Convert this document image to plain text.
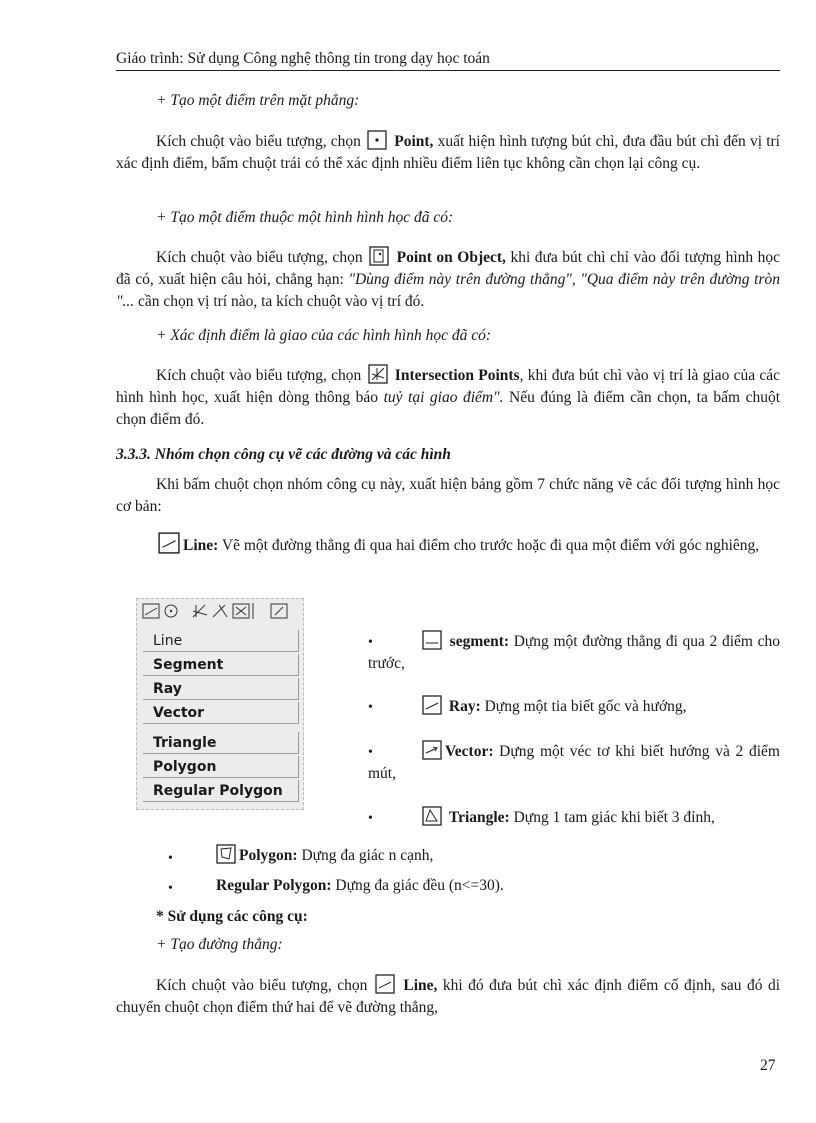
Giáo trình: Sử dụng Công nghệ thông tin trong dạy học toán
+ Tạo một điểm trên mặt phẳng:
Kích chuột vào biểu tượng, chọn Point, xuất hiện hình tượng bút chì, đưa đầu bút chì đến vị trí xác định điểm, bấm chuột trái có thể xác định nhiều điểm liên tục không cần chọn lại công cụ.
+ Tạo một điểm thuộc một hình hình học đã có:
Kích chuột vào biểu tượng, chọn Point on Object, khi đưa bút chì chỉ vào đối tượng hình học đã có, xuất hiện câu hỏi, chẳng hạn: "Dùng điểm này trên đường thẳng", "Qua điểm này trên đường tròn "... cần chọn vị trí nào, ta kích chuột vào vị trí đó.
+ Xác định điểm là giao của các hình hình học đã có:
Kích chuột vào biểu tượng, chọn Intersection Points, khi đưa bút chì vào vị trí là giao của các hình hình học, xuất hiện dòng thông báo tuỷ tại giao điểm". Nếu đúng là điểm cần chọn, ta bấm chuột chọn điểm đó.
3.3.3. Nhóm chọn công cụ vẽ các đường và các hình
Khi bấm chuột chọn nhóm công cụ này, xuất hiện bảng gồm 7 chức năng vẽ các đối tượng hình học cơ bản:
Line: Vẽ một đường thẳng đi qua hai điểm cho trước hoặc đi qua một điểm với góc nghiêng,
Line
Segment
Ray
Vector
Triangle
Polygon
Regular Polygon
•	segment: Dựng một đường thẳng đi qua 2 điểm cho trước,
•	Ray: Dựng một tia biết gốc và hướng,
•	Vector: Dựng một véc tơ khi biết hướng và 2 điểm mút,
•	Triangle: Dựng 1 tam giác khi biết 3 đỉnh,
•	Polygon: Dựng đa giác n cạnh,
•	Regular Polygon: Dựng đa giác đều (n<=30).
* Sử dụng các công cụ:
+ Tạo đường thẳng:
Kích chuột vào biểu tượng, chọn Line, khi đó đưa bút chì xác định điểm cố định, sau đó di chuyển chuột chọn điểm thứ hai để vẽ đường thẳng,
27
